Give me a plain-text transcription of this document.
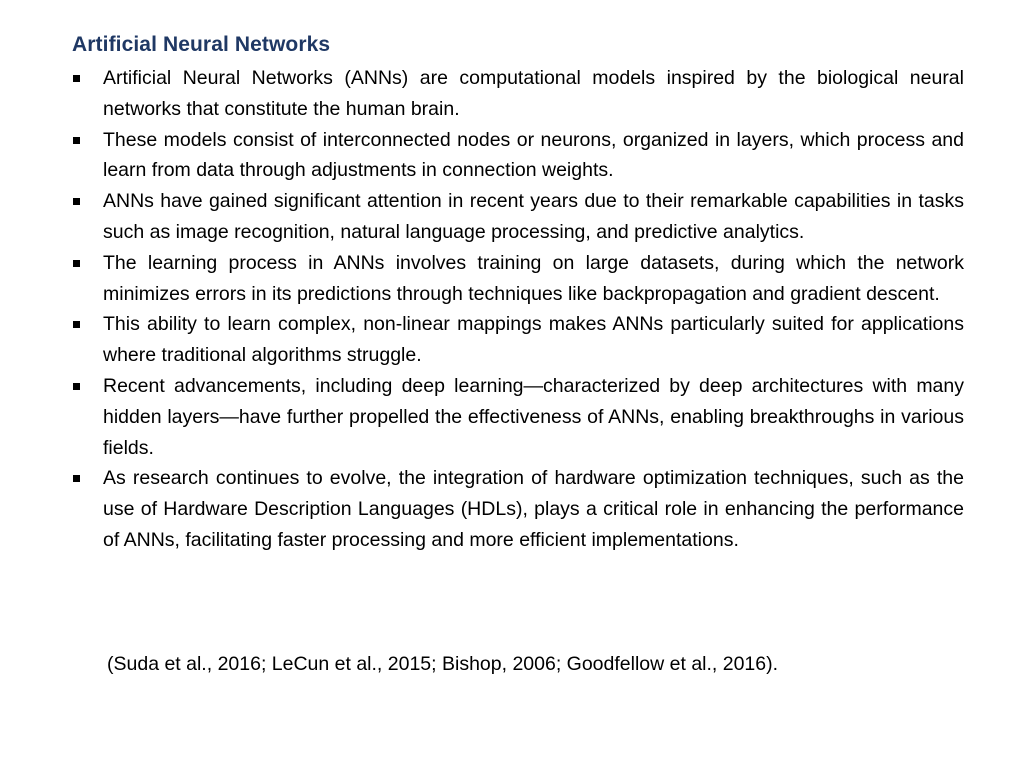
Artificial Neural Networks
Artificial Neural Networks (ANNs) are computational models inspired by the biological neural networks that constitute the human brain.
These models consist of interconnected nodes or neurons, organized in layers, which process and learn from data through adjustments in connection weights.
ANNs have gained significant attention in recent years due to their remarkable capabilities in tasks such as image recognition, natural language processing, and predictive analytics.
The learning process in ANNs involves training on large datasets, during which the network minimizes errors in its predictions through techniques like backpropagation and gradient descent.
This ability to learn complex, non-linear mappings makes ANNs particularly suited for applications where traditional algorithms struggle.
Recent advancements, including deep learning—characterized by deep architectures with many hidden layers—have further propelled the effectiveness of ANNs, enabling breakthroughs in various fields.
As research continues to evolve, the integration of hardware optimization techniques, such as the use of Hardware Description Languages (HDLs), plays a critical role in enhancing the performance of ANNs, facilitating faster processing and more efficient implementations.
(Suda et al., 2016; LeCun et al., 2015; Bishop, 2006; Goodfellow et al., 2016).
